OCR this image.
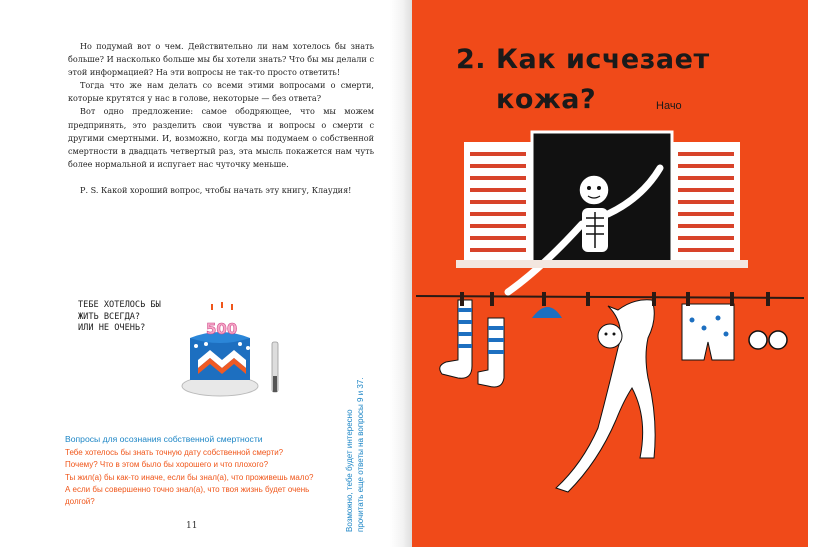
Но подумай вот о чем. Действительно ли нам хотелось бы знать больше? И насколько больше мы бы хотели знать? Что бы мы делали с этой информацией? На эти вопросы не так-то просто ответить!

Тогда что же нам делать со всеми этими вопросами о смерти, которые крутятся у нас в голове, некоторые — без ответа?

Вот одно предложение: самое ободряющее, что мы можем предпринять, это разделить свои чувства и вопросы о смерти с другими смертными. И, возможно, когда мы подумаем о собственной смертности в двадцать четвертый раз, эта мысль покажется нам чуть более нормальной и испугает нас чуточку меньше.

Р. S. Какой хороший вопрос, чтобы начать эту книгу, Клаудия!

ТЕБЕ ХОТЕЛОСЬ БЫ
ЖИТЬ ВСЕГДА?
ИЛИ НЕ ОЧЕНЬ?	500
Вопросы для осознания собственной смертности
Тебе хотелось бы знать точную дату собственной смерти?
Почему? Что в этом было бы хорошего и что плохого?
Ты жил(а) бы как-то иначе, если бы знал(а), что проживешь мало?
А если бы совершенно точно знал(а), что твоя жизнь будет очень
долгой?
11	Возможно, тебе будет интересно прочитать еще ответы на вопросы 9 и 37.
2. Как исчезает
кожа?	Начо
